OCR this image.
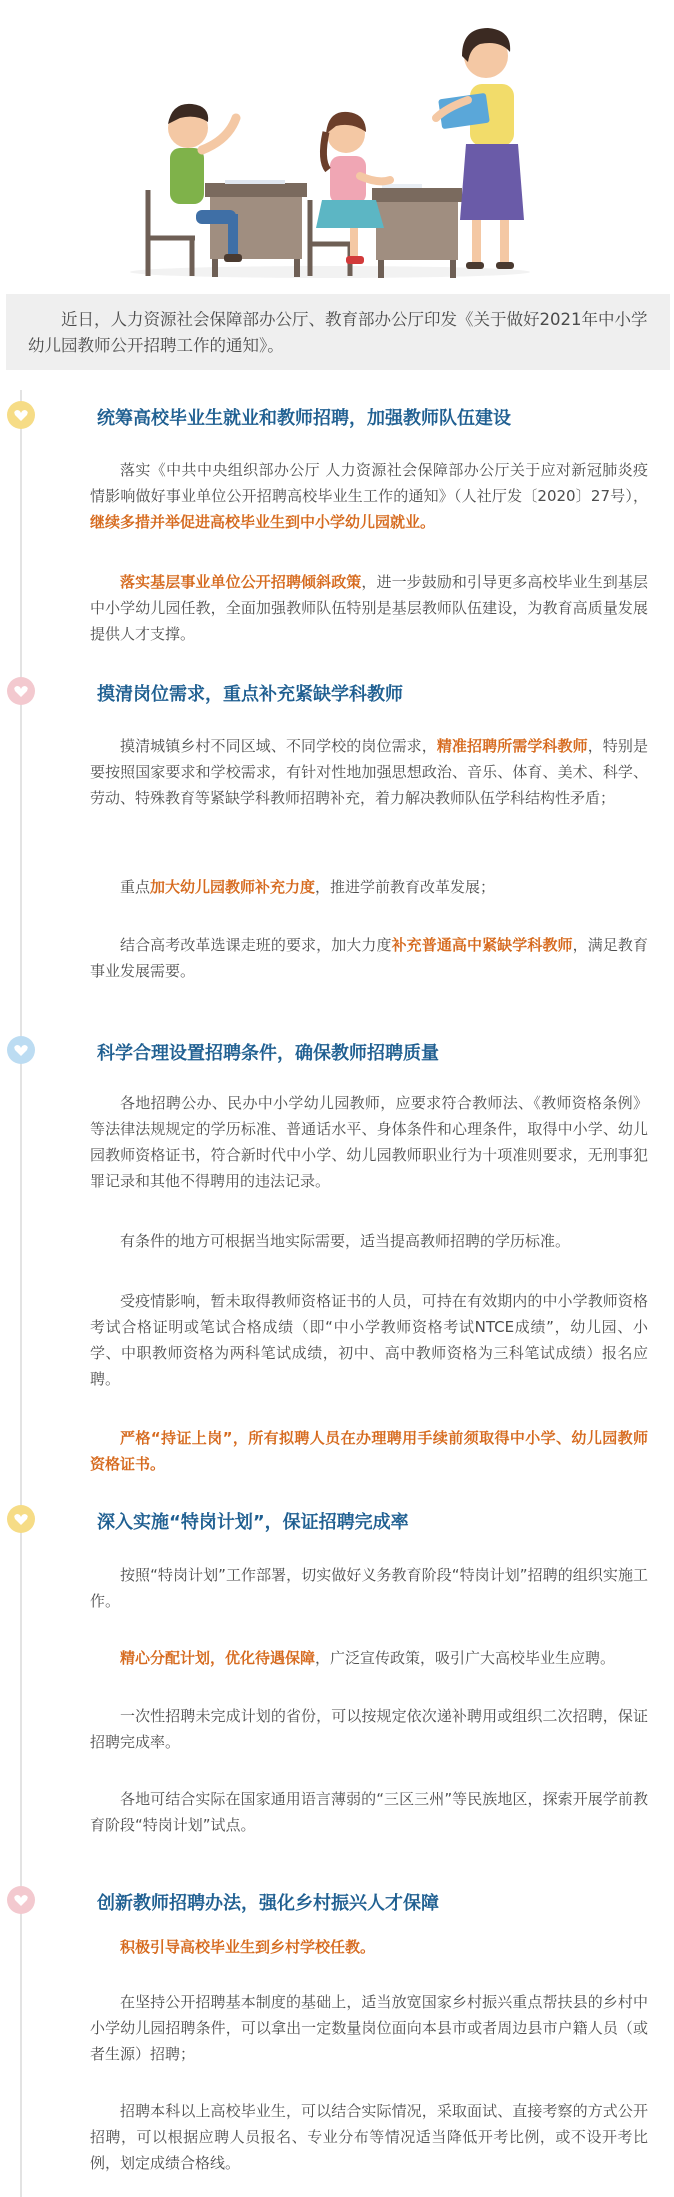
近日，人力资源社会保障部办公厅、教育部办公厅印发《关于做好2021年中小学幼儿园教师公开招聘工作的通知》。
统筹高校毕业生就业和教师招聘，加强教师队伍建设
落实《中共中央组织部办公厅 人力资源社会保障部办公厅关于应对新冠肺炎疫情影响做好事业单位公开招聘高校毕业生工作的通知》（人社厅发〔2020〕27号），继续多措并举促进高校毕业生到中小学幼儿园就业。
落实基层事业单位公开招聘倾斜政策，进一步鼓励和引导更多高校毕业生到基层中小学幼儿园任教，全面加强教师队伍特别是基层教师队伍建设，为教育高质量发展提供人才支撑。
摸清岗位需求，重点补充紧缺学科教师
摸清城镇乡村不同区域、不同学校的岗位需求，精准招聘所需学科教师，特别是要按照国家要求和学校需求，有针对性地加强思想政治、音乐、体育、美术、科学、劳动、特殊教育等紧缺学科教师招聘补充，着力解决教师队伍学科结构性矛盾；
重点加大幼儿园教师补充力度，推进学前教育改革发展；
结合高考改革选课走班的要求，加大力度补充普通高中紧缺学科教师，满足教育事业发展需要。
科学合理设置招聘条件，确保教师招聘质量
各地招聘公办、民办中小学幼儿园教师，应要求符合教师法、《教师资格条例》等法律法规规定的学历标准、普通话水平、身体条件和心理条件，取得中小学、幼儿园教师资格证书，符合新时代中小学、幼儿园教师职业行为十项准则要求，无刑事犯罪记录和其他不得聘用的违法记录。
有条件的地方可根据当地实际需要，适当提高教师招聘的学历标准。
受疫情影响，暂未取得教师资格证书的人员，可持在有效期内的中小学教师资格考试合格证明或笔试合格成绩（即“中小学教师资格考试NTCE成绩”，幼儿园、小学、中职教师资格为两科笔试成绩，初中、高中教师资格为三科笔试成绩）报名应聘。
严格“持证上岗”，所有拟聘人员在办理聘用手续前须取得中小学、幼儿园教师资格证书。
深入实施“特岗计划”，保证招聘完成率
按照“特岗计划”工作部署，切实做好义务教育阶段“特岗计划”招聘的组织实施工作。
精心分配计划，优化待遇保障，广泛宣传政策，吸引广大高校毕业生应聘。
一次性招聘未完成计划的省份，可以按规定依次递补聘用或组织二次招聘，保证招聘完成率。
各地可结合实际在国家通用语言薄弱的“三区三州”等民族地区，探索开展学前教育阶段“特岗计划”试点。
创新教师招聘办法，强化乡村振兴人才保障
积极引导高校毕业生到乡村学校任教。
在坚持公开招聘基本制度的基础上，适当放宽国家乡村振兴重点帮扶县的乡村中小学幼儿园招聘条件，可以拿出一定数量岗位面向本县市或者周边县市户籍人员（或者生源）招聘；
招聘本科以上高校毕业生，可以结合实际情况，采取面试、直接考察的方式公开招聘，可以根据应聘人员报名、专业分布等情况适当降低开考比例，或不设开考比例，划定成绩合格线。
